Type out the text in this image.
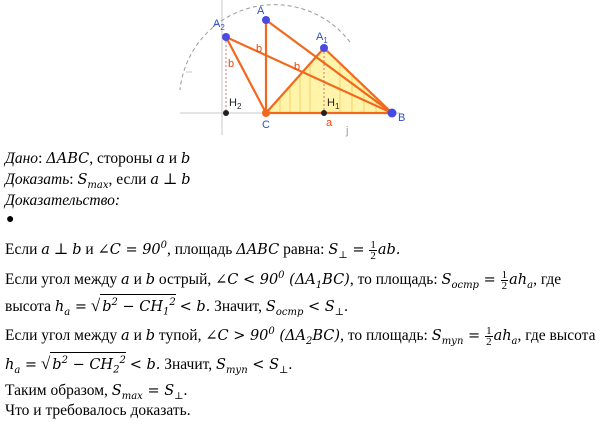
$A_2$
A
$A_1$
b
b
b
$H_2$	$H_1$
C
B
a
j
Дано: ΔABC, стороны a и b
Доказать: $S_{max}$, если a ⊥ b
Доказательство:
●
Если a ⊥ b и ∠C = $90^0$, площадь ΔABC равна: $S_\perp = \frac{1}{2}$ ab.
Если угол между a и b острый, ∠C < $90^0$ $(\Delta A_1BC)$, то площадь: $S_{остр} = \frac{1}{2} ah_a$, где
высота $h_a$ = √ $b^2 - CH_1^2 < b$. Значит, $S_{остр} < S_\perp$.
Если угол между a и b тупой, ∠C > $90^0$ $(\Delta A_2BC)$, то площадь: $S_{туп} = \frac{1}{2} ah_a$, где высота
$h_a$ = √ $b^2 - CH_2^2 < b$. Значит, $S_{туп} < S_\perp$.
Таким образом, $S_{max} = S_\perp$.
Что и требовалось доказать.
